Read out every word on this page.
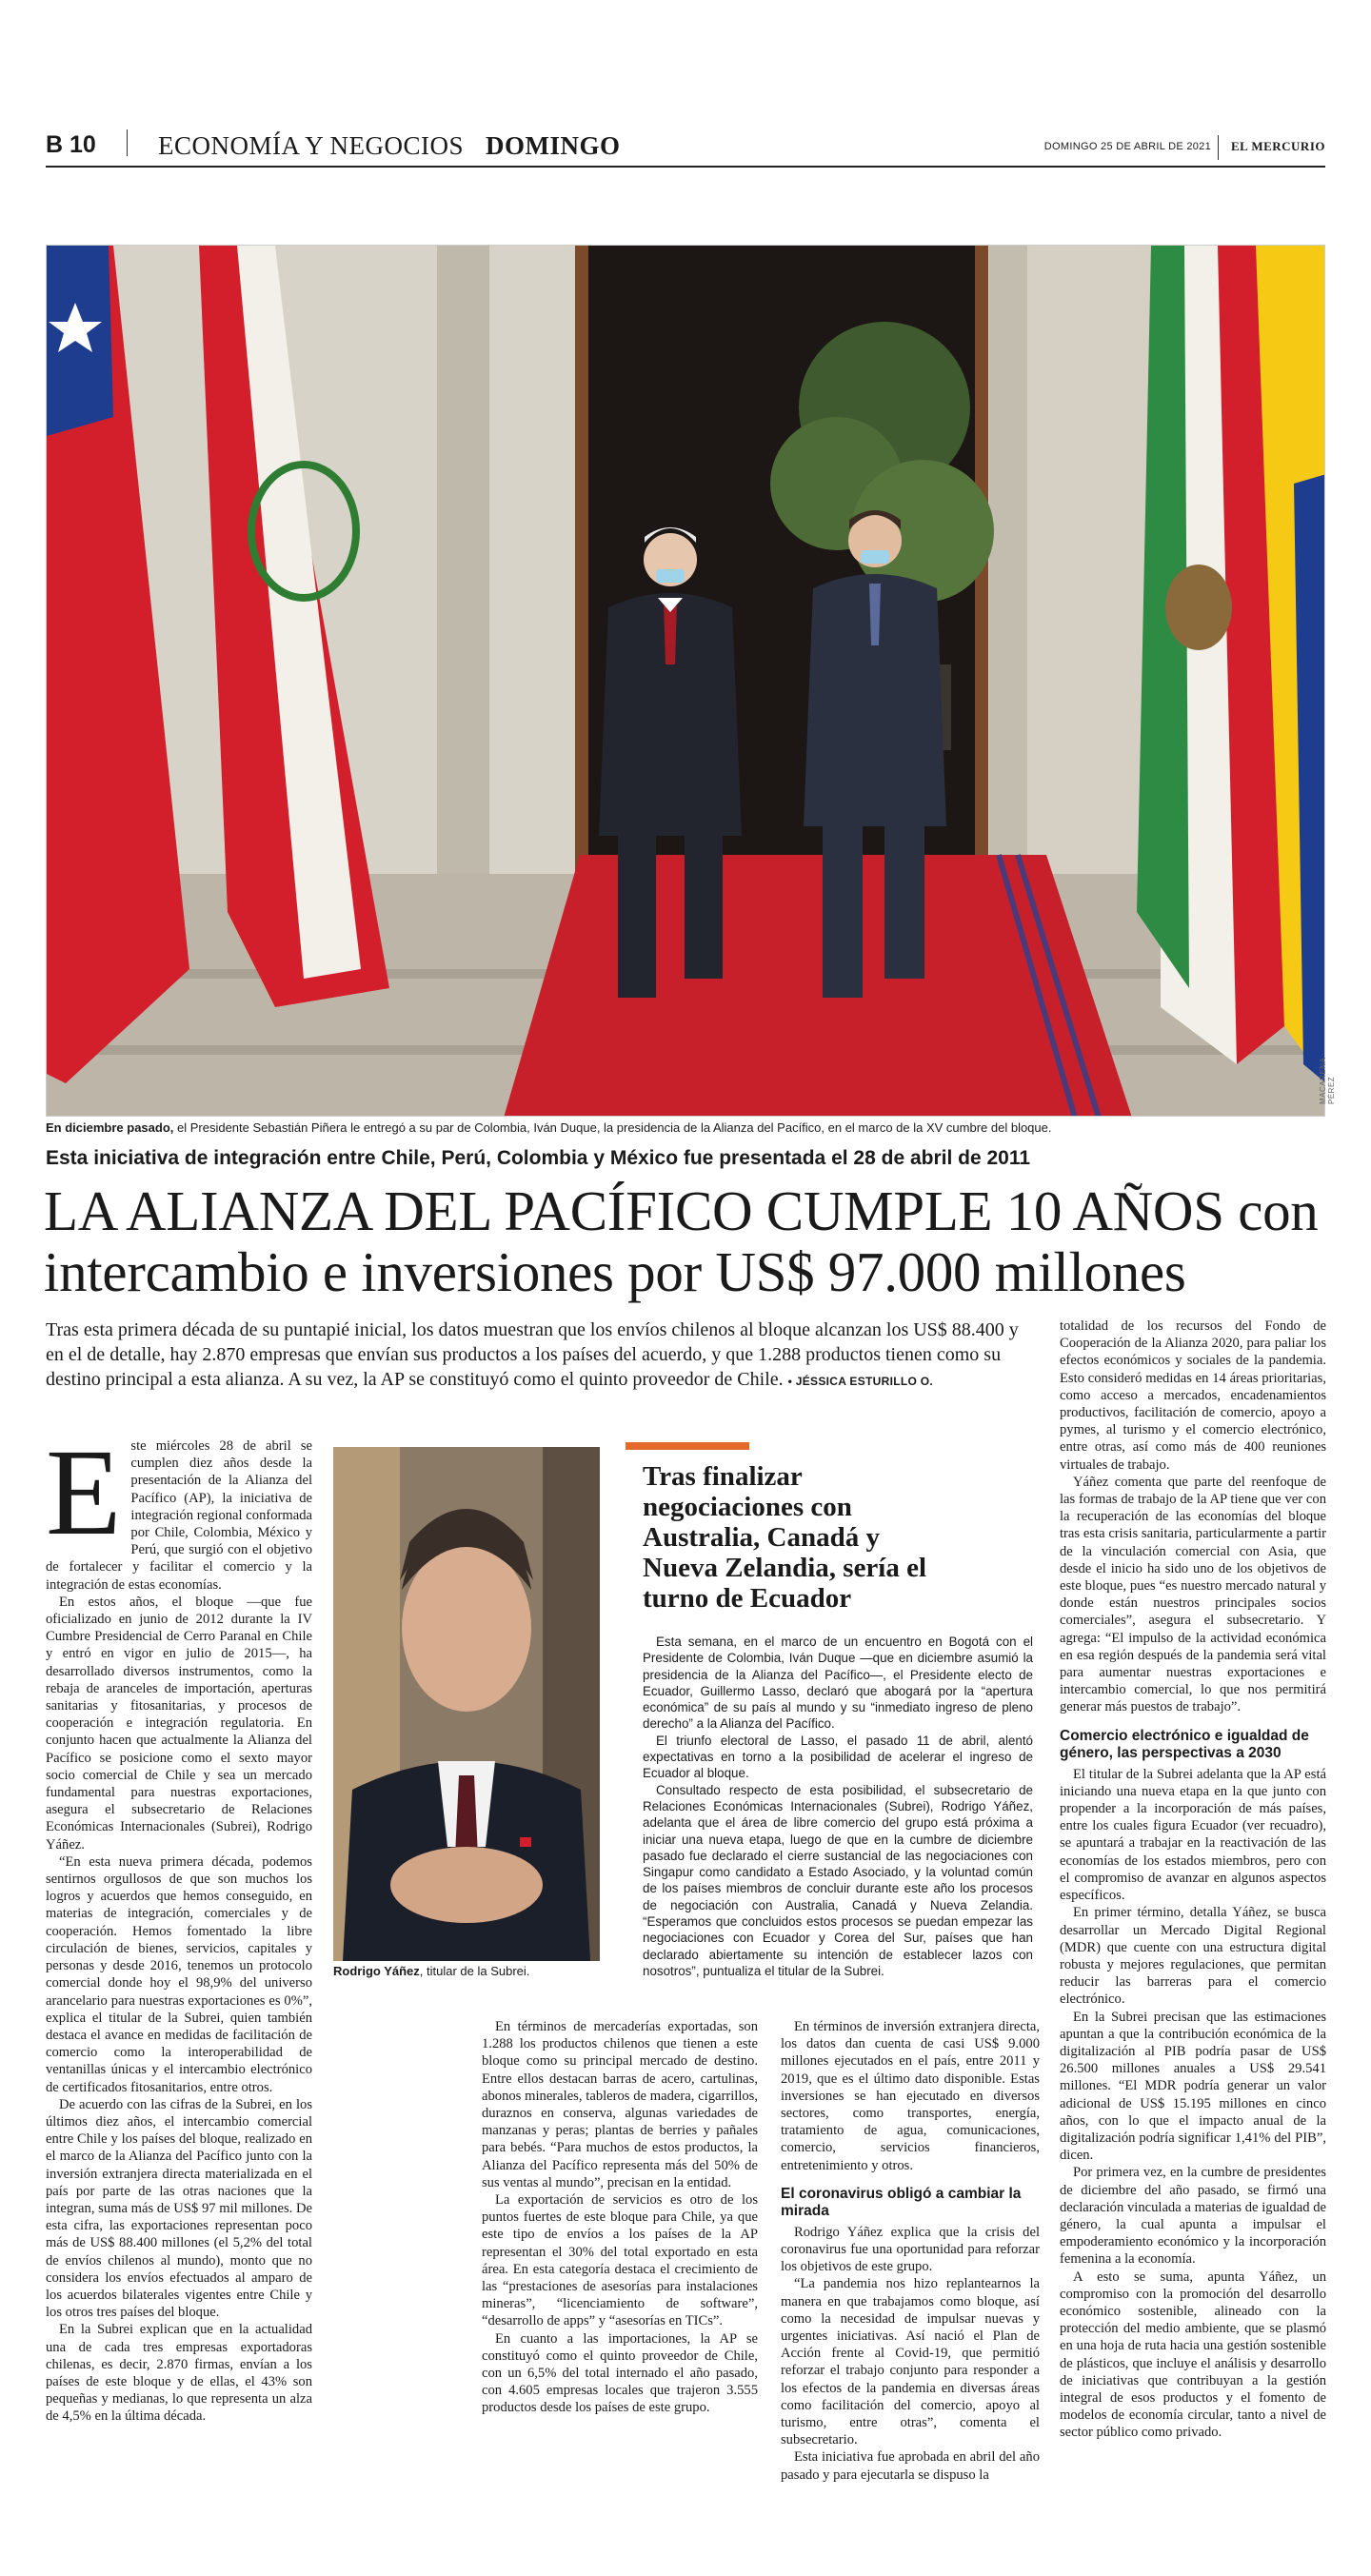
B 10 ECONOMÍA Y NEGOCIOS DOMINGO	DOMINGO 25 DE ABRIL DE 2021 EL MERCURIO
MACARENA PÉREZ
En diciembre pasado, el Presidente Sebastián Piñera le entregó a su par de Colombia, Iván Duque, la presidencia de la Alianza del Pacífico, en el marco de la XV cumbre del bloque.
Esta iniciativa de integración entre Chile, Perú, Colombia y México fue presentada el 28 de abril de 2011
LA ALIANZA DEL PACÍFICO CUMPLE 10 AÑOS con intercambio e inversiones por US$ 97.000 millones
Tras esta primera década de su puntapié inicial, los datos muestran que los envíos chilenos al bloque alcanzan los US$ 88.400 y en el de detalle, hay 2.870 empresas que envían sus productos a los países del acuerdo, y que 1.288 productos tienen como su destino principal a esta alianza. A su vez, la AP se constituyó como el quinto proveedor de Chile. • JÉSSICA ESTURILLO O.
E ste miércoles 28 de abril se cumplen diez años desde la presentación de la Alianza del Pacífico (AP), la iniciativa de integración regional conformada por Chile, Colombia, México y Perú, que surgió con el objetivo de fortalecer y facilitar el comercio y la integración de estas economías.

En estos años, el bloque —que fue oficializado en junio de 2012 durante la IV Cumbre Presidencial de Cerro Paranal en Chile y entró en vigor en julio de 2015—, ha desarrollado diversos instrumentos, como la rebaja de aranceles de importación, aperturas sanitarias y fitosanitarias, y procesos de cooperación e integración regulatoria. En conjunto hacen que actualmente la Alianza del Pacífico se posicione como el sexto mayor socio comercial de Chile y sea un mercado fundamental para nuestras exportaciones, asegura el subsecretario de Relaciones Económicas Internacionales (Subrei), Rodrigo Yáñez.

“En esta nueva primera década, podemos sentirnos orgullosos de que son muchos los logros y acuerdos que hemos conseguido, en materias de integración, comerciales y de cooperación. Hemos fomentado la libre circulación de bienes, servicios, capitales y personas y desde 2016, tenemos un protocolo comercial donde hoy el 98,9% del universo arancelario para nuestras exportaciones es 0%”, explica el titular de la Subrei, quien también destaca el avance en medidas de facilitación de comercio como la interoperabilidad de ventanillas únicas y el intercambio electrónico de certificados fitosanitarios, entre otros.

De acuerdo con las cifras de la Subrei, en los últimos diez años, el intercambio comercial entre Chile y los países del bloque, realizado en el marco de la Alianza del Pacífico junto con la inversión extranjera directa materializada en el país por parte de las otras naciones que la integran, suma más de US$ 97 mil millones. De esta cifra, las exportaciones representan poco más de US$ 88.400 millones (el 5,2% del total de envíos chilenos al mundo), monto que no considera los envíos efectuados al amparo de los acuerdos bilaterales vigentes entre Chile y los otros tres países del bloque.

En la Subrei explican que en la actualidad una de cada tres empresas exportadoras chilenas, es decir, 2.870 firmas, envían a los países de este bloque y de ellas, el 43% son pequeñas y medianas, lo que representa un alza de 4,5% en la última década.

Rodrigo Yáñez, titular de la Subrei.
Tras finalizar negociaciones con Australia, Canadá y Nueva Zelandia, sería el turno de Ecuador

Esta semana, en el marco de un encuentro en Bogotá con el Presidente de Colombia, Iván Duque —que en diciembre asumió la presidencia de la Alianza del Pacífico—, el Presidente electo de Ecuador, Guillermo Lasso, declaró que abogará por la “apertura económica” de su país al mundo y su “inmediato ingreso de pleno derecho” a la Alianza del Pacífico.

El triunfo electoral de Lasso, el pasado 11 de abril, alentó expectativas en torno a la posibilidad de acelerar el ingreso de Ecuador al bloque.

Consultado respecto de esta posibilidad, el subsecretario de Relaciones Económicas Internacionales (Subrei), Rodrigo Yáñez, adelanta que el área de libre comercio del grupo está próxima a iniciar una nueva etapa, luego de que en la cumbre de diciembre pasado fue declarado el cierre sustancial de las negociaciones con Singapur como candidato a Estado Asociado, y la voluntad común de los países miembros de concluir durante este año los procesos de negociación con Australia, Canadá y Nueva Zelandia. “Esperamos que concluidos estos procesos se puedan empezar las negociaciones con Ecuador y Corea del Sur, países que han declarado abiertamente su intención de establecer lazos con nosotros”, puntualiza el titular de la Subrei.

En términos de mercaderías exportadas, son 1.288 los productos chilenos que tienen a este bloque como su principal mercado de destino. Entre ellos destacan barras de acero, cartulinas, abonos minerales, tableros de madera, cigarrillos, duraznos en conserva, algunas variedades de manzanas y peras; plantas de berries y pañales para bebés. “Para muchos de estos productos, la Alianza del Pacífico representa más del 50% de sus ventas al mundo”, precisan en la entidad.

La exportación de servicios es otro de los puntos fuertes de este bloque para Chile, ya que este tipo de envíos a los países de la AP representan el 30% del total exportado en esta área. En esta categoría destaca el crecimiento de las “prestaciones de asesorías para instalaciones mineras”, “licenciamiento de software”, “desarrollo de apps” y “asesorías en TICs”.

En cuanto a las importaciones, la AP se constituyó como el quinto proveedor de Chile, con un 6,5% del total internado el año pasado, con 4.605 empresas locales que trajeron 3.555 productos desde los países de este grupo.

En términos de inversión extranjera directa, los datos dan cuenta de casi US$ 9.000 millones ejecutados en el país, entre 2011 y 2019, que es el último dato disponible. Estas inversiones se han ejecutado en diversos sectores, como transportes, energía, tratamiento de agua, comunicaciones, comercio, servicios financieros, entretenimiento y otros.

El coronavirus obligó a cambiar la mirada

Rodrigo Yáñez explica que la crisis del coronavirus fue una oportunidad para reforzar los objetivos de este grupo.

“La pandemia nos hizo replantearnos la manera en que trabajamos como bloque, así como la necesidad de impulsar nuevas y urgentes iniciativas. Así nació el Plan de Acción frente al Covid-19, que permitió reforzar el trabajo conjunto para responder a los efectos de la pandemia en diversas áreas como facilitación del comercio, apoyo al turismo, entre otras”, comenta el subsecretario.

Esta iniciativa fue aprobada en abril del año pasado y para ejecutarla se dispuso la

totalidad de los recursos del Fondo de Cooperación de la Alianza 2020, para paliar los efectos económicos y sociales de la pandemia. Esto consideró medidas en 14 áreas prioritarias, como acceso a mercados, encadenamientos productivos, facilitación de comercio, apoyo a pymes, al turismo y el comercio electrónico, entre otras, así como más de 400 reuniones virtuales de trabajo.

Yáñez comenta que parte del reenfoque de las formas de trabajo de la AP tiene que ver con la recuperación de las economías del bloque tras esta crisis sanitaria, particularmente a partir de la vinculación comercial con Asia, que desde el inicio ha sido uno de los objetivos de este bloque, pues “es nuestro mercado natural y donde están nuestros principales socios comerciales”, asegura el subsecretario. Y agrega: “El impulso de la actividad económica en esa región después de la pandemia será vital para aumentar nuestras exportaciones e intercambio comercial, lo que nos permitirá generar más puestos de trabajo”.

Comercio electrónico e igualdad de género, las perspectivas a 2030

El titular de la Subrei adelanta que la AP está iniciando una nueva etapa en la que junto con propender a la incorporación de más países, entre los cuales figura Ecuador (ver recuadro), se apuntará a trabajar en la reactivación de las economías de los estados miembros, pero con el compromiso de avanzar en algunos aspectos específicos.

En primer término, detalla Yáñez, se busca desarrollar un Mercado Digital Regional (MDR) que cuente con una estructura digital robusta y mejores regulaciones, que permitan reducir las barreras para el comercio electrónico.

En la Subrei precisan que las estimaciones apuntan a que la contribución económica de la digitalización al PIB podría pasar de US$ 26.500 millones anuales a US$ 29.541 millones. “El MDR podría generar un valor adicional de US$ 15.195 millones en cinco años, con lo que el impacto anual de la digitalización podría significar 1,41% del PIB”, dicen.

Por primera vez, en la cumbre de presidentes de diciembre del año pasado, se firmó una declaración vinculada a materias de igualdad de género, la cual apunta a impulsar el empoderamiento económico y la incorporación femenina a la economía.

A esto se suma, apunta Yáñez, un compromiso con la promoción del desarrollo económico sostenible, alineado con la protección del medio ambiente, que se plasmó en una hoja de ruta hacia una gestión sostenible de plásticos, que incluye el análisis y desarrollo de iniciativas que contribuyan a la gestión integral de esos productos y el fomento de modelos de economía circular, tanto a nivel de sector público como privado.
